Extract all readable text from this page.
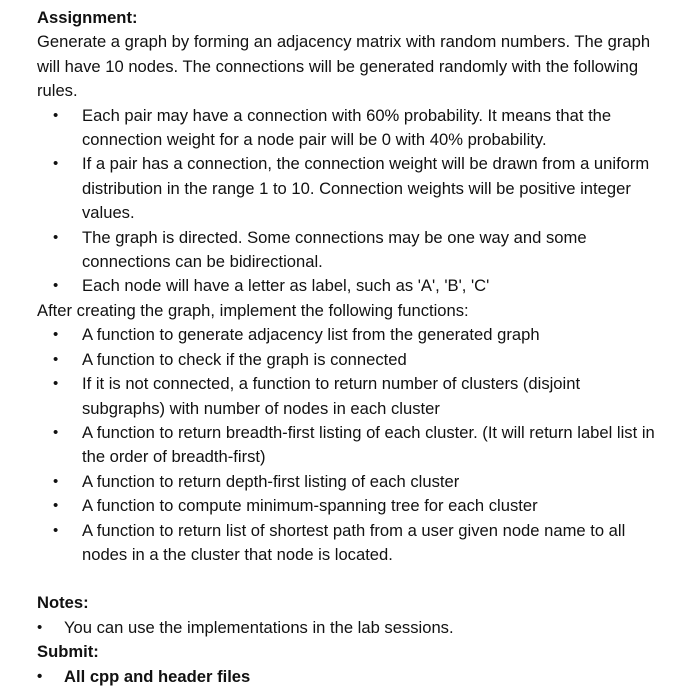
Assignment:

Generate a graph by forming an adjacency matrix with random numbers. The graph will have 10 nodes. The connections will be generated randomly with the following rules.

• Each pair may have a connection with 60% probability. It means that the connection weight for a node pair will be 0 with 40% probability.
• If a pair has a connection, the connection weight will be drawn from a uniform distribution in the range 1 to 10. Connection weights will be positive integer values.
• The graph is directed. Some connections may be one way and some connections can be bidirectional.
• Each node will have a letter as label, such as 'A', 'B', 'C'

After creating the graph, implement the following functions:

• A function to generate adjacency list from the generated graph
• A function to check if the graph is connected
• If it is not connected, a function to return number of clusters (disjoint subgraphs) with number of nodes in each cluster
• A function to return breadth-first listing of each cluster. (It will return label list in the order of breadth-first)
• A function to return depth-first listing of each cluster
• A function to compute minimum-spanning tree for each cluster
• A function to return list of shortest path from a user given node name to all nodes in a the cluster that node is located.

Notes:

• You can use the implementations in the lab sessions.

Submit:

• All cpp and header files
